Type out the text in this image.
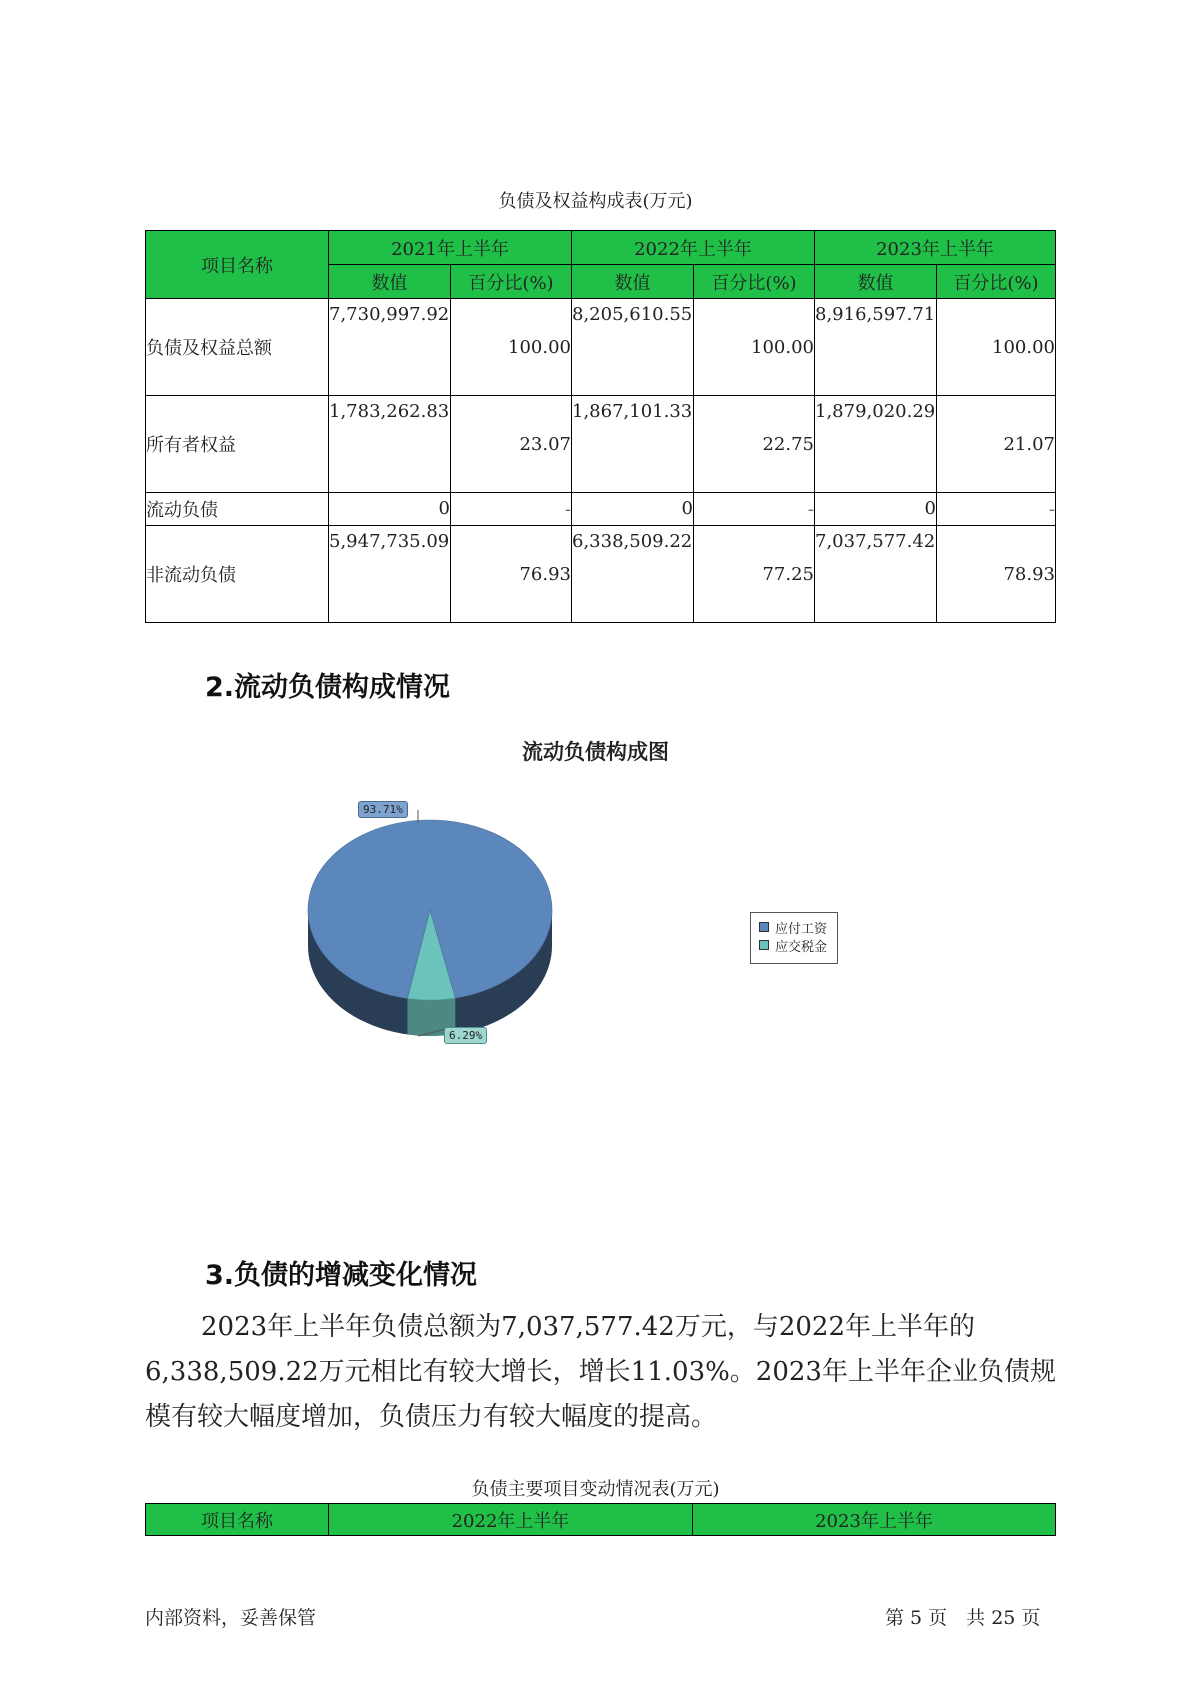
负债及权益构成表(万元)
项目名称	2021年上半年		2022年上半年		2023年上半年	
	数值	百分比(%)	数值	百分比(%)	数值	百分比(%)
负债及权益总额	7,730,997.92	100.00	8,205,610.55	100.00	8,916,597.71	100.00
所有者权益	1,783,262.83	23.07	1,867,101.33	22.75	1,879,020.29	21.07
流动负债	0	-	0	-	0	-
非流动负债	5,947,735.09	76.93	6,338,509.22	77.25	7,037,577.42	78.93
2.流动负债构成情况
流动负债构成图
93.71%
6.29%
应付工资
应交税金
3.负债的增减变化情况
2023年上半年负债总额为7,037,577.42万元，与2022年上半年的6,338,509.22万元相比有较大增长，增长11.03%。2023年上半年企业负债规模有较大幅度增加，负债压力有较大幅度的提高。
负债主要项目变动情况表(万元)
项目名称	2022年上半年	2023年上半年
内部资料，妥善保管	第 5 页　共 25 页
